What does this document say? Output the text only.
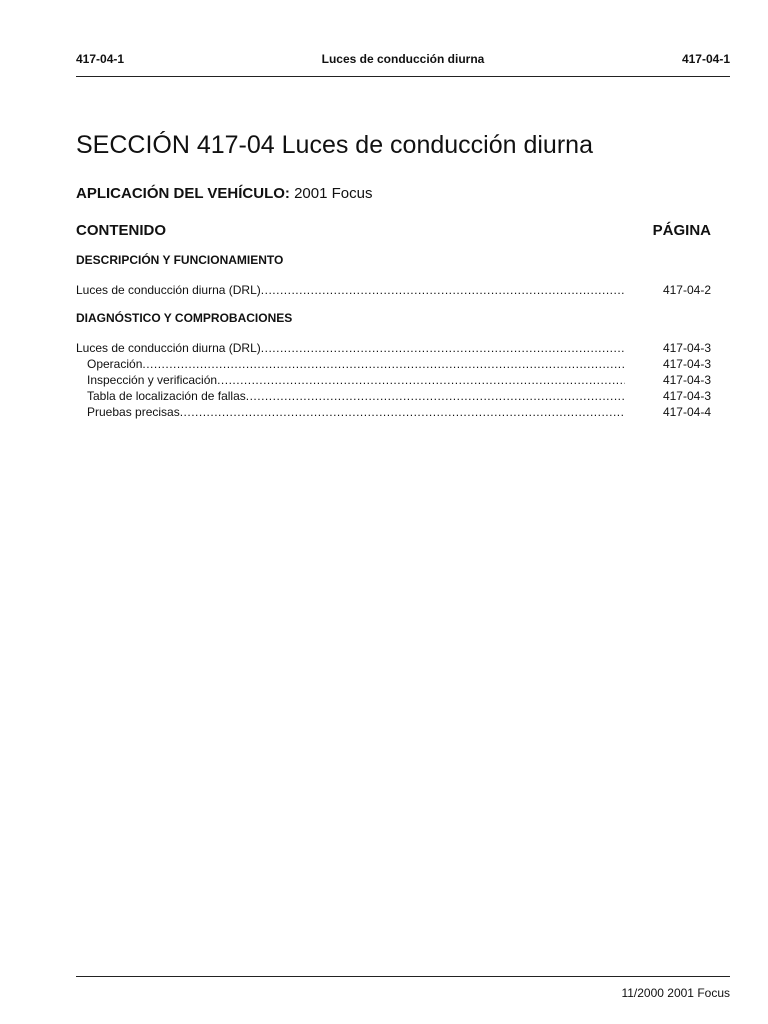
417-04-1	Luces de conducción diurna	417-04-1
SECCIÓN 417-04 Luces de conducción diurna
APLICACIÓN DEL VEHÍCULO: 2001 Focus
CONTENIDO	PÁGINA
DESCRIPCIÓN Y FUNCIONAMIENTO
Luces de conducción diurna (DRL) .....	417-04-2
DIAGNÓSTICO Y COMPROBACIONES
Luces de conducción diurna (DRL) .....	417-04-3
Operación .....	417-04-3
Inspección y verificación .....	417-04-3
Tabla de localización de fallas .....	417-04-3
Pruebas precisas .....	417-04-4
11/2000 2001 Focus
